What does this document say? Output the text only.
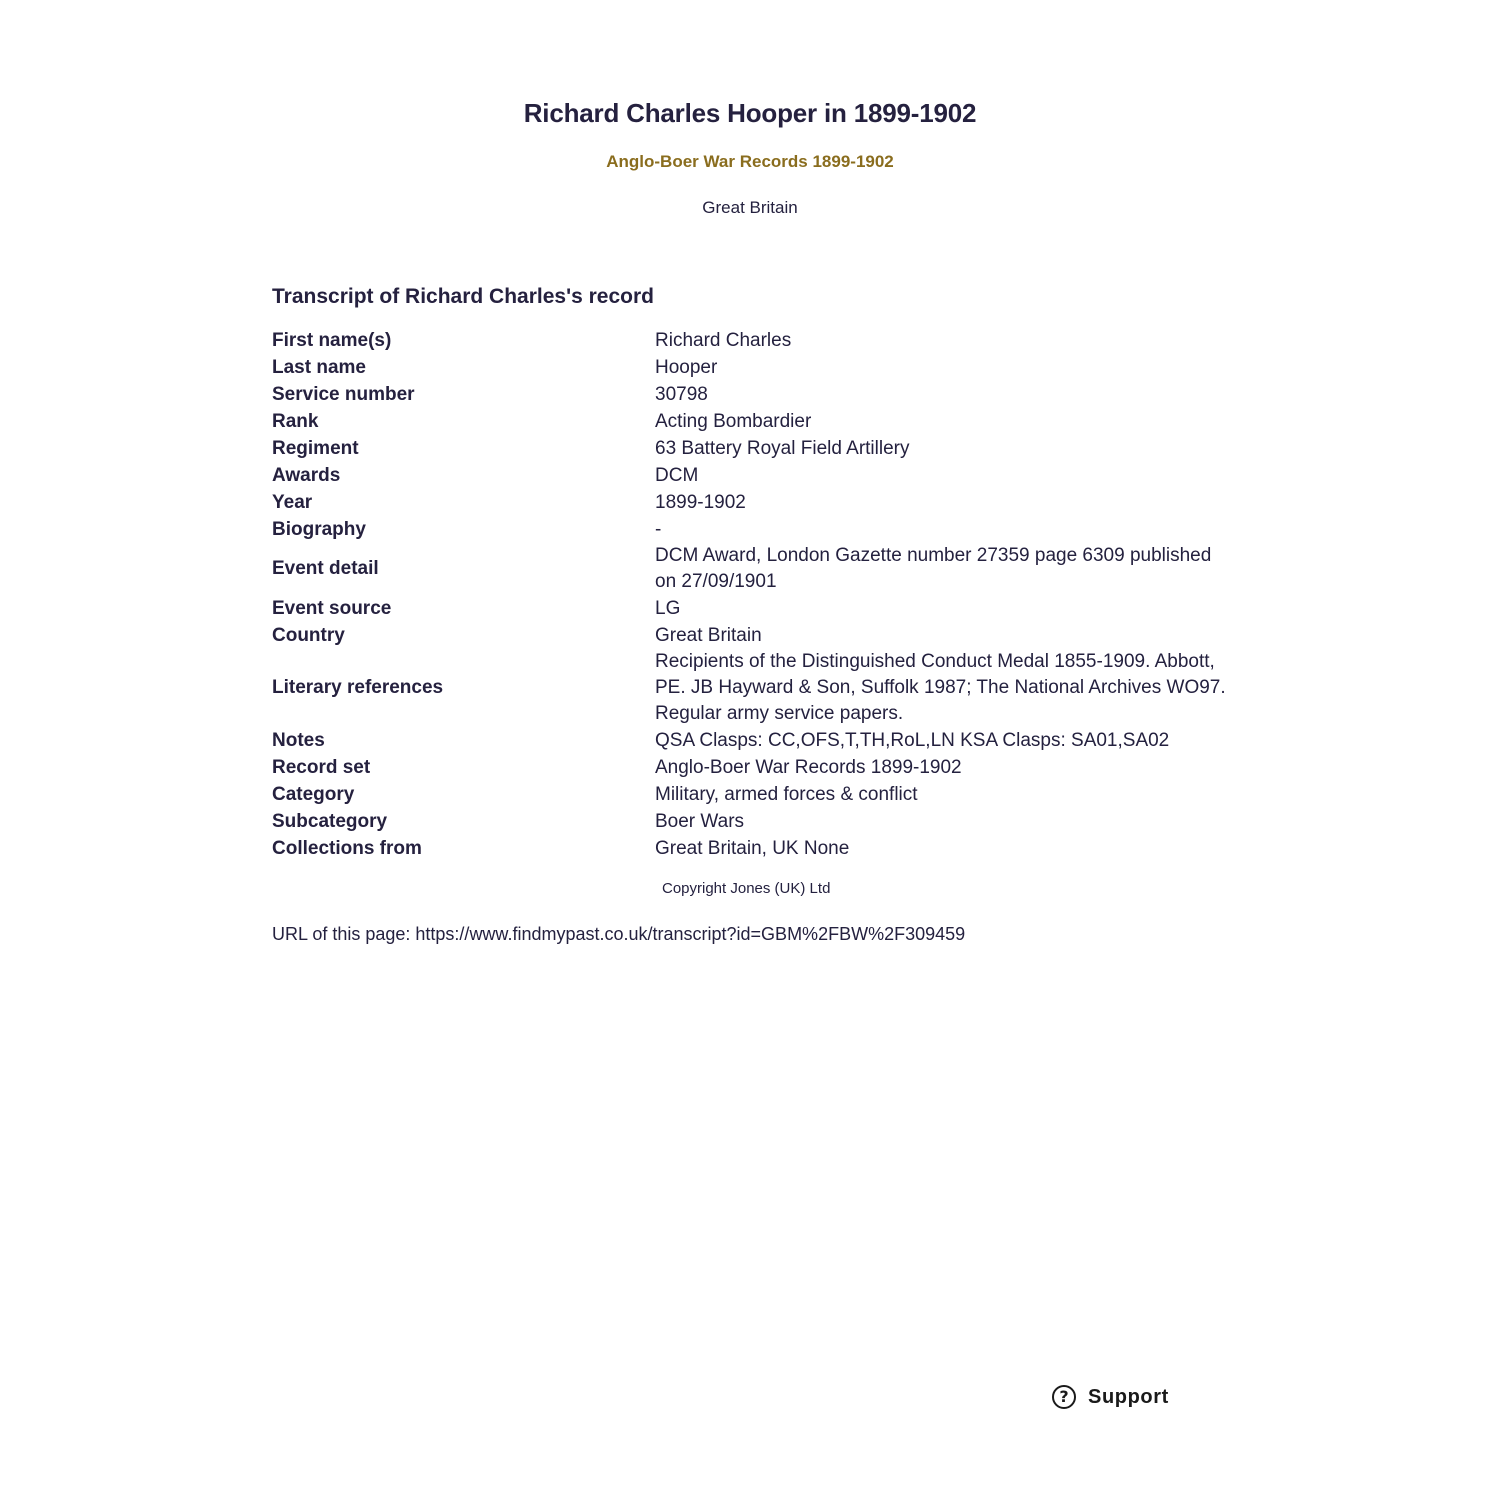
Richard Charles Hooper in 1899-1902

Anglo-Boer War Records 1899-1902

Great Britain

Transcript of Richard Charles's record
First name(s)	Richard Charles
Last name	Hooper
Service number	30798
Rank	Acting Bombardier
Regiment	63 Battery Royal Field Artillery
Awards	DCM
Year	1899-1902
Biography	-
Event detail	DCM Award, London Gazette number 27359 page 6309 published on 27/09/1901
Event source	LG
Country	Great Britain
Literary references	Recipients of the Distinguished Conduct Medal 1855-1909. Abbott, PE. JB Hayward & Son, Suffolk 1987; The National Archives WO97. Regular army service papers.
Notes	QSA Clasps: CC,OFS,T,TH,RoL,LN KSA Clasps: SA01,SA02
Record set	Anglo-Boer War Records 1899-1902
Category	Military, armed forces & conflict
Subcategory	Boer Wars
Collections from	Great Britain, UK None

Copyright Jones (UK) Ltd

URL of this page: https://www.findmypast.co.uk/transcript?id=GBM%2FBW%2F309459

? Support
